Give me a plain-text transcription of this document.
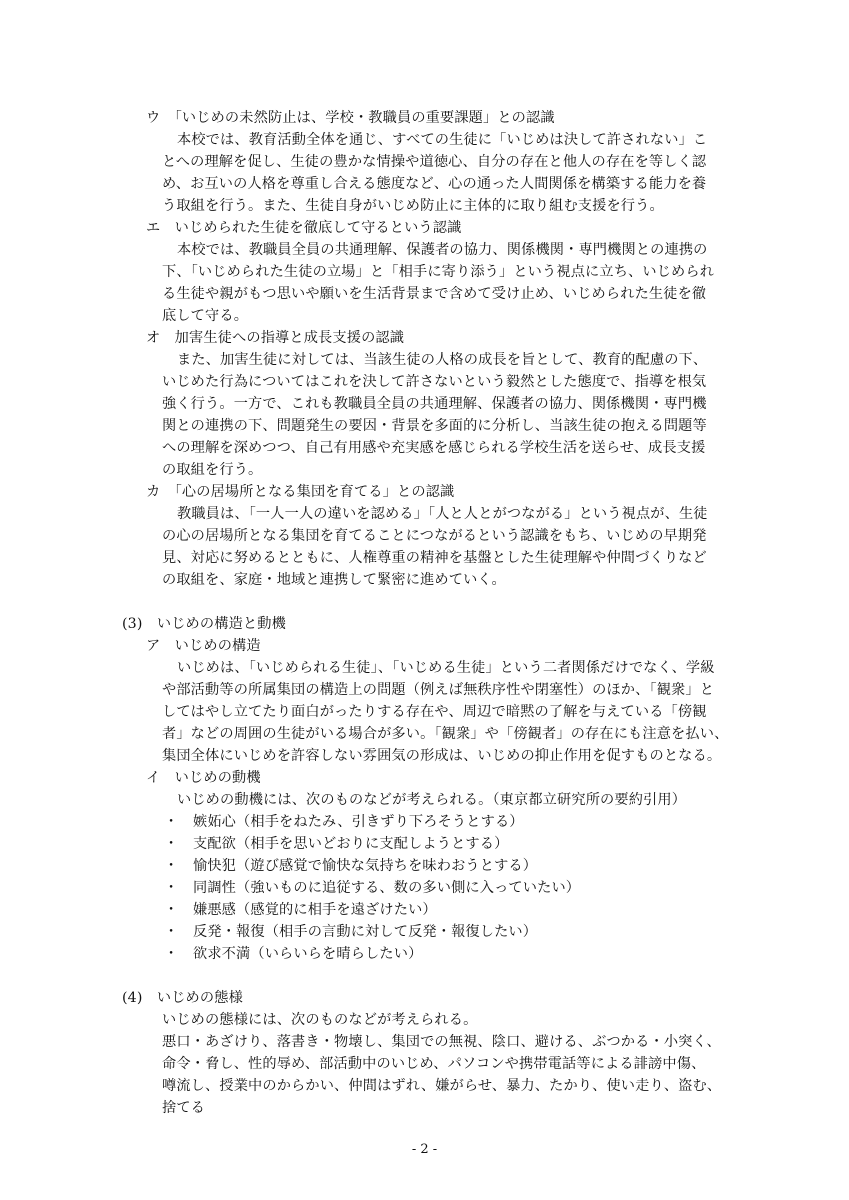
ウ　「いじめの未然防止は、学校・教職員の重要課題」との認識
本校では、教育活動全体を通じ、すべての生徒に「いじめは決して許されない」こ
とへの理解を促し、生徒の豊かな情操や道徳心、自分の存在と他人の存在を等しく認
め、お互いの人格を尊重し合える態度など、心の通った人間関係を構築する能力を養
う取組を行う。また、生徒自身がいじめ防止に主体的に取り組む支援を行う。
エ　いじめられた生徒を徹底して守るという認識
本校では、教職員全員の共通理解、保護者の協力、関係機関・専門機関との連携の
下、「いじめられた生徒の立場」と「相手に寄り添う」という視点に立ち、いじめられ
る生徒や親がもつ思いや願いを生活背景まで含めて受け止め、いじめられた生徒を徹
底して守る。
オ　加害生徒への指導と成長支援の認識
また、加害生徒に対しては、当該生徒の人格の成長を旨として、教育的配慮の下、
いじめた行為についてはこれを決して許さないという毅然とした態度で、指導を根気
強く行う。一方で、これも教職員全員の共通理解、保護者の協力、関係機関・専門機
関との連携の下、問題発生の要因・背景を多面的に分析し、当該生徒の抱える問題等
への理解を深めつつ、自己有用感や充実感を感じられる学校生活を送らせ、成長支援
の取組を行う。
カ　「心の居場所となる集団を育てる」との認識
教職員は、「一人一人の違いを認める」「人と人とがつながる」という視点が、生徒
の心の居場所となる集団を育てることにつながるという認識をもち、いじめの早期発
見、対応に努めるとともに、人権尊重の精神を基盤とした生徒理解や仲間づくりなど
の取組を、家庭・地域と連携して緊密に進めていく。
(3)　いじめの構造と動機
ア　いじめの構造
いじめは、「いじめられる生徒」、「いじめる生徒」という二者関係だけでなく、学級
や部活動等の所属集団の構造上の問題（例えば無秩序性や閉塞性）のほか、「観衆」と
してはやし立てたり面白がったりする存在や、周辺で暗黙の了解を与えている「傍観
者」などの周囲の生徒がいる場合が多い。「観衆」や「傍観者」の存在にも注意を払い、
集団全体にいじめを許容しない雰囲気の形成は、いじめの抑止作用を促すものとなる。
イ　いじめの動機
いじめの動機には、次のものなどが考えられる。（東京都立研究所の要約引用）
・ 嫉妬心（相手をねたみ、引きずり下ろそうとする）
・ 支配欲（相手を思いどおりに支配しようとする）
・ 愉快犯（遊び感覚で愉快な気持ちを味わおうとする）
・ 同調性（強いものに追従する、数の多い側に入っていたい）
・ 嫌悪感（感覚的に相手を遠ざけたい）
・ 反発・報復（相手の言動に対して反発・報復したい）
・ 欲求不満（いらいらを晴らしたい）
(4)　いじめの態様
いじめの態様には、次のものなどが考えられる。
悪口・あざけり、落書き・物壊し、集団での無視、陰口、避ける、ぶつかる・小突く、
命令・脅し、性的辱め、部活動中のいじめ、パソコンや携帯電話等による誹謗中傷、
噂流し、授業中のからかい、仲間はずれ、嫌がらせ、暴力、たかり、使い走り、盗む、
捨てる
- 2 -
